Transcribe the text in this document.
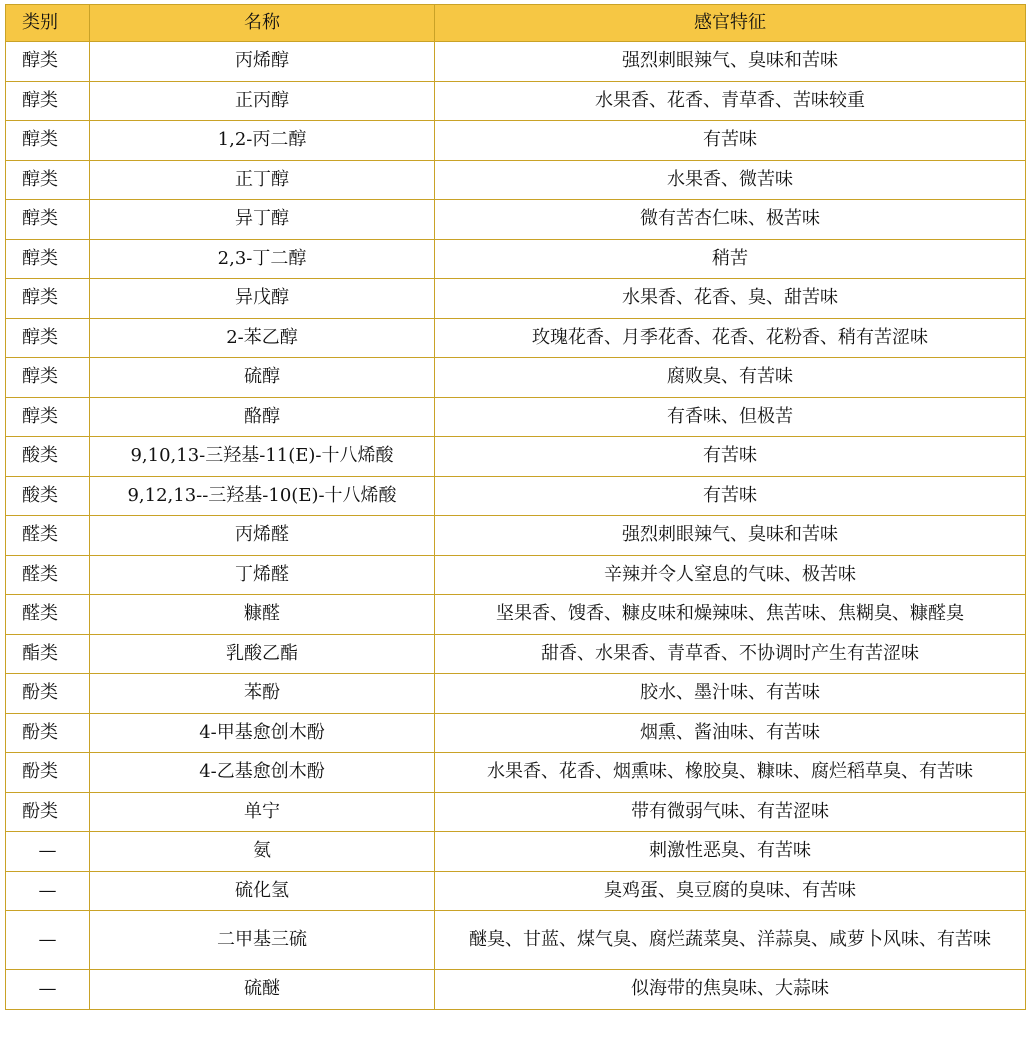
类别	名称	感官特征
醇类	丙烯醇	强烈刺眼辣气、臭味和苦味
醇类	正丙醇	水果香、花香、青草香、苦味较重
醇类	1,2-丙二醇	有苦味
醇类	正丁醇	水果香、微苦味
醇类	异丁醇	微有苦杏仁味、极苦味
醇类	2,3-丁二醇	稍苦
醇类	异戊醇	水果香、花香、臭、甜苦味
醇类	2-苯乙醇	玫瑰花香、月季花香、花香、花粉香、稍有苦涩味
醇类	硫醇	腐败臭、有苦味
醇类	酪醇	有香味、但极苦
酸类	9,10,13-三羟基-11(E)-十八烯酸	有苦味
酸类	9,12,13--三羟基-10(E)-十八烯酸	有苦味
醛类	丙烯醛	强烈刺眼辣气、臭味和苦味
醛类	丁烯醛	辛辣并令人窒息的气味、极苦味
醛类	糠醛	坚果香、馊香、糠皮味和燥辣味、焦苦味、焦糊臭、糠醛臭
酯类	乳酸乙酯	甜香、水果香、青草香、不协调时产生有苦涩味
酚类	苯酚	胶水、墨汁味、有苦味
酚类	4-甲基愈创木酚	烟熏、酱油味、有苦味
酚类	4-乙基愈创木酚	水果香、花香、烟熏味、橡胶臭、糠味、腐烂稻草臭、有苦味
酚类	单宁	带有微弱气味、有苦涩味
—	氨	刺激性恶臭、有苦味
—	硫化氢	臭鸡蛋、臭豆腐的臭味、有苦味
—	二甲基三硫	醚臭、甘蓝、煤气臭、腐烂蔬菜臭、洋蒜臭、咸萝卜风味、有苦味
—	硫醚	似海带的焦臭味、大蒜味
